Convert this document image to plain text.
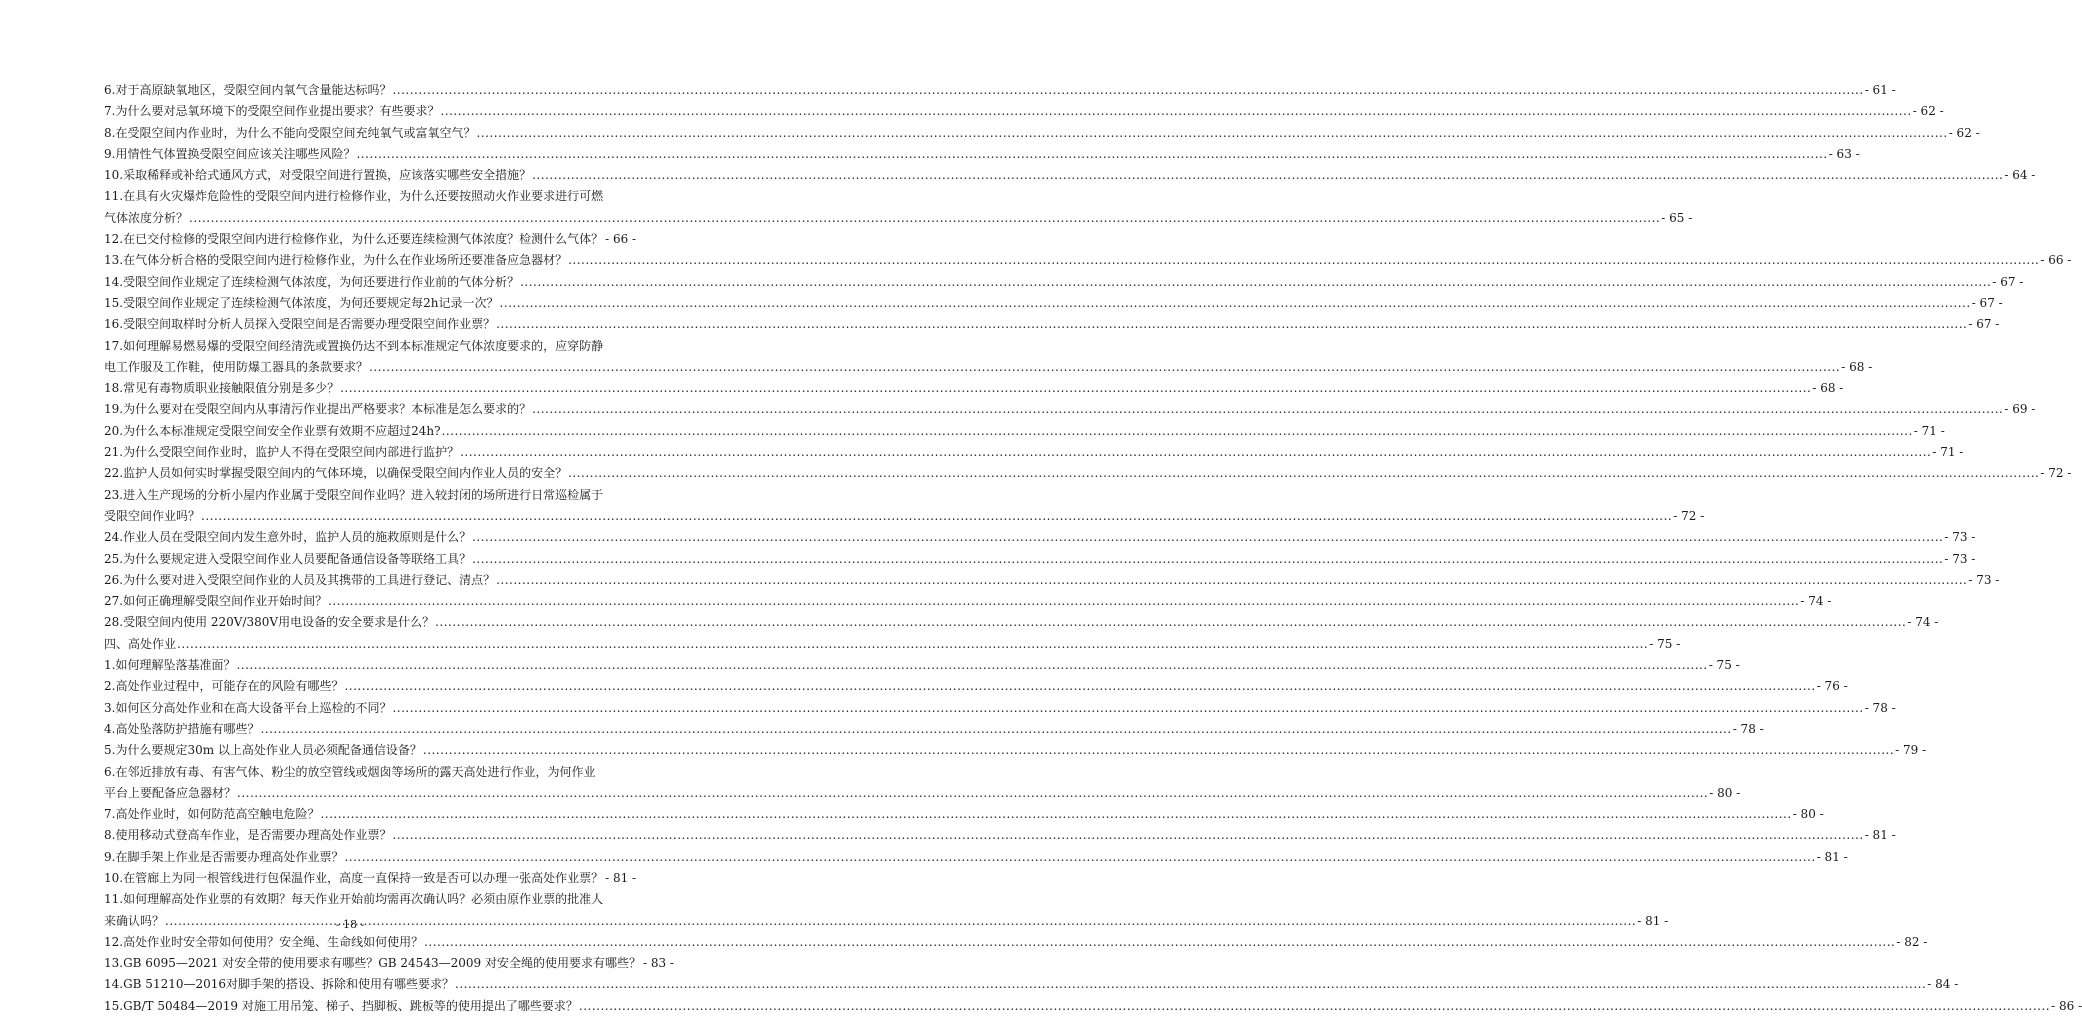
6.对于高原缺氧地区，受限空间内氧气含量能达标吗？ .....	- 61 -
7.为什么要对忌氧环境下的受限空间作业提出要求？有些要求？ .....	- 62 -
8.在受限空间内作业时，为什么不能向受限空间充纯氧气或富氧空气？ .....	- 62 -
9.用情性气体置换受限空间应该关注哪些风险？ .....	- 63 -
10.采取稀释或补给式通风方式，对受限空间进行置换，应该落实哪些安全措施？ .....	- 64 -
11.在具有火灾爆炸危险性的受限空间内进行检修作业，为什么还要按照动火作业要求进行可燃
气体浓度分析？ .....	- 65 -
12.在已交付检修的受限空间内进行检修作业，为什么还要连续检测气体浓度？检测什么气体？ - 66 -
13.在气体分析合格的受限空间内进行检修作业，为什么在作业场所还要准备应急器材？ .....	- 66 -
14.受限空间作业规定了连续检测气体浓度，为何还要进行作业前的气体分析？ .....	- 67 -
15.受限空间作业规定了连续检测气体浓度，为何还要规定每2h记录一次？ .....	- 67 -
16.受限空间取样时分析人员探入受限空间是否需要办理受限空间作业票？ .....	- 67 -
17.如何理解易燃易爆的受限空间经清洗或置换仍达不到本标准规定气体浓度要求的，应穿防静
电工作服及工作鞋，使用防爆工器具的条款要求？ .....	- 68 -
18.常见有毒物质职业接触限值分别是多少？ .....	- 68 -
19.为什么要对在受限空间内从事清污作业提出严格要求？本标准是怎么要求的？ .....	- 69 -
20.为什么本标准规定受限空间安全作业票有效期不应超过24h? .....	- 71 -
21.为什么受限空间作业时，监护人不得在受限空间内部进行监护？ .....	- 71 -
22.监护人员如何实时掌握受限空间内的气体环境，以确保受限空间内作业人员的安全？ .....	- 72 -
23.进入生产现场的分析小屋内作业属于受限空间作业吗？进入较封闭的场所进行日常巡检属于
受限空间作业吗？ .....	- 72 -
24.作业人员在受限空间内发生意外时，监护人员的施救原则是什么？ .....	- 73 -
25.为什么要规定进入受限空间作业人员要配备通信设备等联络工具？ .....	- 73 -
26.为什么要对进入受限空间作业的人员及其携带的工具进行登记、清点？ .....	- 73 -
27.如何正确理解受限空间作业开始时间？ .....	- 74 -
28.受限空间内使用 220V/380V用电设备的安全要求是什么？ .....	- 74 -
四、高处作业 .....	- 75 -
1.如何理解坠落基准面？ .....	- 75 -
2.高处作业过程中，可能存在的风险有哪些？ .....	- 76 -
3.如何区分高处作业和在高大设备平台上巡检的不同？ .....	- 78 -
4.高处坠落防护措施有哪些？ .....	- 78 -
5.为什么要规定30m 以上高处作业人员必须配备通信设备？ .....	- 79 -
6.在邻近排放有毒、有害气体、粉尘的放空管线或烟囱等场所的露天高处进行作业，为何作业
平台上要配备应急器材？ .....	- 80 -
7.高处作业时，如何防范高空触电危险？ .....	- 80 -
8.使用移动式登高车作业，是否需要办理高处作业票？ .....	- 81 -
9.在脚手架上作业是否需要办理高处作业票？ .....	- 81 -
10.在管廊上为同一根管线进行包保温作业，高度一直保持一致是否可以办理一张高处作业票？ - 81 -
11.如何理解高处作业票的有效期？每天作业开始前均需再次确认吗？必须由原作业票的批准人
来确认吗？ .....	- 81 -
12.高处作业时安全带如何使用？安全绳、生命线如何使用？ .....	- 82 -
13.GB 6095—2021 对安全带的使用要求有哪些？GB 24543—2009 对安全绳的使用要求有哪些？ - 83 -
14.GB 51210—2016对脚手架的搭设、拆除和使用有哪些要求？ .....	- 84 -
15.GB/T 50484—2019 对施工用吊笼、梯子、挡脚板、跳板等的使用提出了哪些要求？ .....	- 86 -
- 18 -
